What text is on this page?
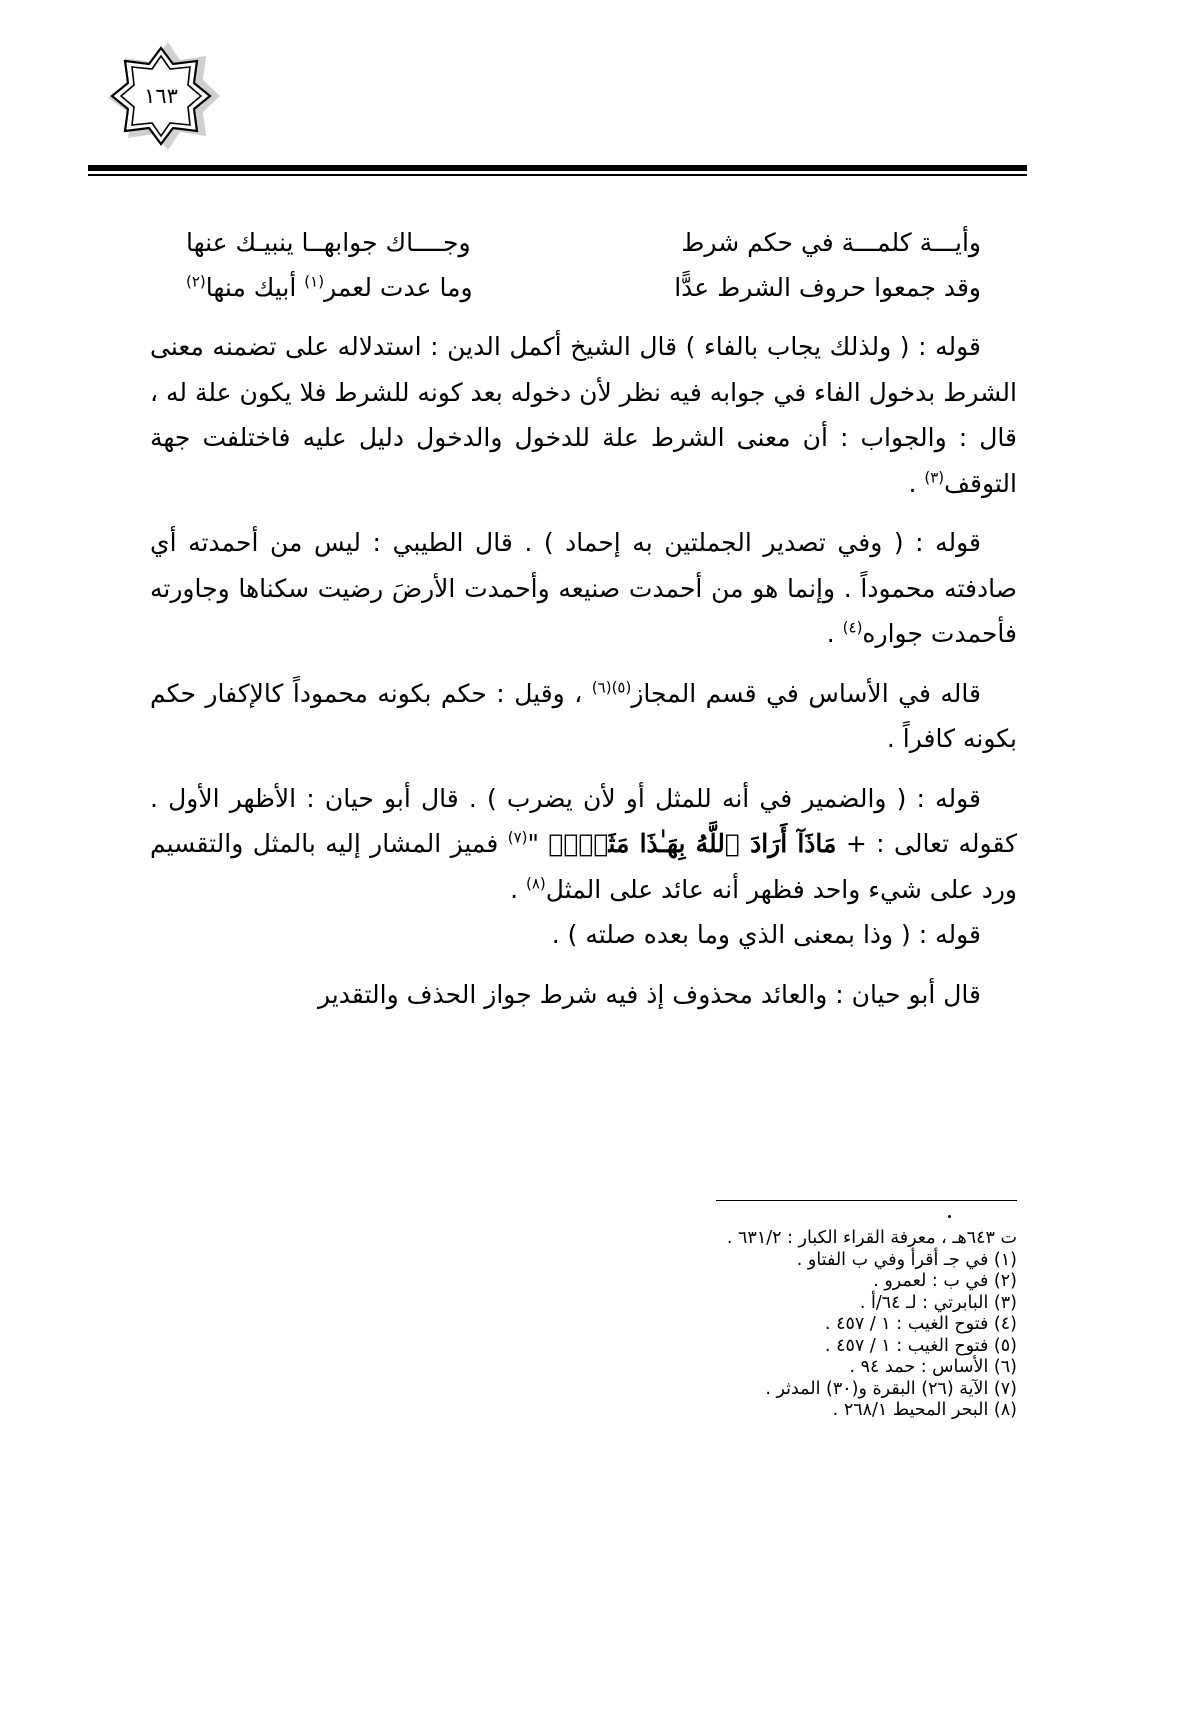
١٦٣
وأيـــة كلمـــة في حكم شرط
وجــــاك جوابهــا ينبيـك عنها
وقد جمعوا حروف الشرط عدًّا
وما عدت لعمر$^{(١)}$ أبيك منها$^{(٢)}$

قوله : ( ولذلك يجاب بالفاء ) قال الشيخ أكمل الدين : استدلاله على تضمنه معنى الشرط بدخول الفاء في جوابه فيه نظر لأن دخوله بعد كونه للشرط فلا يكون علة له ، قال : والجواب : أن معنى الشرط علة للدخول والدخول دليل عليه فاختلفت جهة التوقف$^{(٣)}$ .

قوله : ( وفي تصدير الجملتين به إحماد ) . قال الطيبي : ليس من أحمدته أي صادفته محموداً . وإنما هو من أحمدت صنيعه وأحمدت الأرضَ رضيت سكناها وجاورته فأحمدت جواره$^{(٤)}$ .

قاله في الأساس في قسم المجاز$^{(٥)(٦)}$ ، وقيل : حكم بكونه محموداً كالإكفار حكم بكونه كافراً .

قوله : ( والضمير في أنه للمثل أو لأن يضرب ) . قال أبو حيان : الأظهر الأول . كقوله تعالى : + مَاذَآ أَرَادَ ٱللَّهُ بِهَـٰذَا مَثَلًاۘ "$^{(٧)}$ فميز المشار إليه بالمثل والتقسيم ورد على شيء واحد فظهر أنه عائد على المثل$^{(٨)}$ .

قوله : ( وذا بمعنى الذي وما بعده صلته ) .

قال أبو حيان : والعائد محذوف إذ فيه شرط جواز الحذف والتقدير

ت ٦٤٣هـ ، معرفة القراء الكبار : ٦٣١/٢ .
(١) في جـ أقرأ وفي ب الفتاو .
(٢) في ب : لعمرو .
(٣) البابرتي : لـ ٦٤/أ .
(٤) فتوح الغيب : ١ / ٤٥٧ .
(٥) فتوح الغيب : ١ / ٤٥٧ .
(٦) الأساس : حمد ٩٤ .
(٧) الآية (٢٦) البقرة و(٣٠) المدثر .
(٨) البحر المحيط ٢٦٨/١ .
